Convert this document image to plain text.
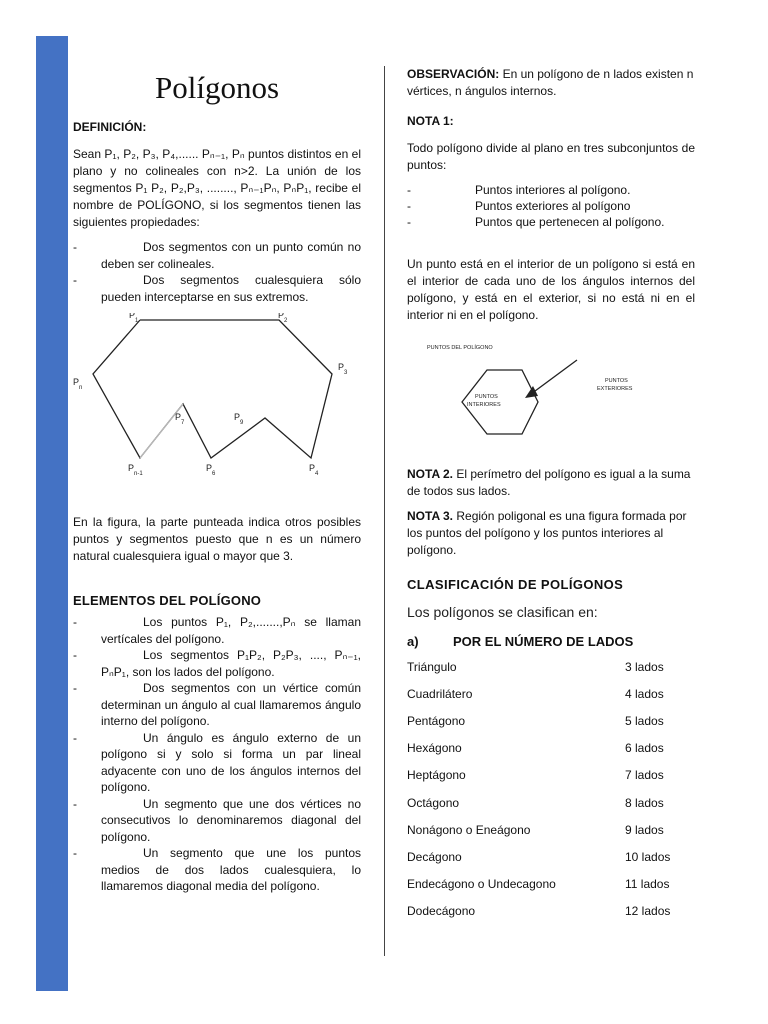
Polígonos
DEFINICIÓN:

Sean P₁, P₂, P₃, P₄,...... Pₙ₋₁, Pₙ puntos distintos en el plano y no colineales con n>2. La unión de los segmentos P₁ P₂, P₂,P₃, ........, Pₙ₋₁Pₙ, PₙP₁, recibe el nombre de POLÍGONO, si los segmentos tienen las siguientes propiedades:

-	Dos segmentos con un punto común no deben ser colineales.
-	Dos segmentos cualesquiera sólo pueden interceptarse en sus extremos.
$P_1$
$P_2$
$P_3$
$P_4$
$P_6$
$P_7$
$P_9$
$P_n$
$P_{n-1}$

En la figura, la parte punteada indica otros posibles puntos y segmentos puesto que n es un número natural cualesquiera igual o mayor que 3.

ELEMENTOS DEL POLÍGONO
-	Los puntos P₁, P₂,.......,Pₙ se llaman vertícales del polígono.
-	Los segmentos P₁P₂, P₂P₃, ...., Pₙ₋₁, PₙP₁, son los lados del polígono.
-	Dos segmentos con un vértice común determinan un ángulo al cual llamaremos ángulo interno del polígono.
-	Un ángulo es ángulo externo de un polígono si y solo si forma un par lineal adyacente con uno de los ángulos internos del polígono.
-	Un segmento que une dos vértices no consecutivos lo denominaremos diagonal del polígono.
-	Un segmento que une los puntos medios de dos lados cualesquiera, lo llamaremos diagonal media del polígono.

OBSERVACIÓN: En un polígono de n lados existen n vértices, n ángulos internos.

NOTA 1:

Todo polígono divide al plano en tres subconjuntos de puntos:

-	Puntos interiores al polígono.
-	Puntos exteriores al polígono
-	Puntos que pertenecen al polígono.

Un punto está en el interior de un polígono si está en el interior de cada uno de los ángulos internos del polígono, y está en el exterior, si no está ni en el interior ni en el polígono.

PUNTOS DEL POLÍGONO
PUNTOS
INTERIORES
PUNTOS
EXTERIORES

NOTA 2. El perímetro del polígono es igual a la suma de todos sus lados.

NOTA 3. Región poligonal es una figura formada por los puntos del polígono y los puntos interiores al polígono.

CLASIFICACIÓN DE POLÍGONOS
Los polígonos se clasifican en:
a)	POR EL NÚMERO DE LADOS
Triángulo	3 lados
Cuadrilátero	4 lados
Pentágono	5 lados
Hexágono	6 lados
Heptágono	7 lados
Octágono	8 lados
Nonágono o Eneágono	9 lados
Decágono	10 lados
Endecágono o Undecagono	11 lados
Dodecágono	12 lados
